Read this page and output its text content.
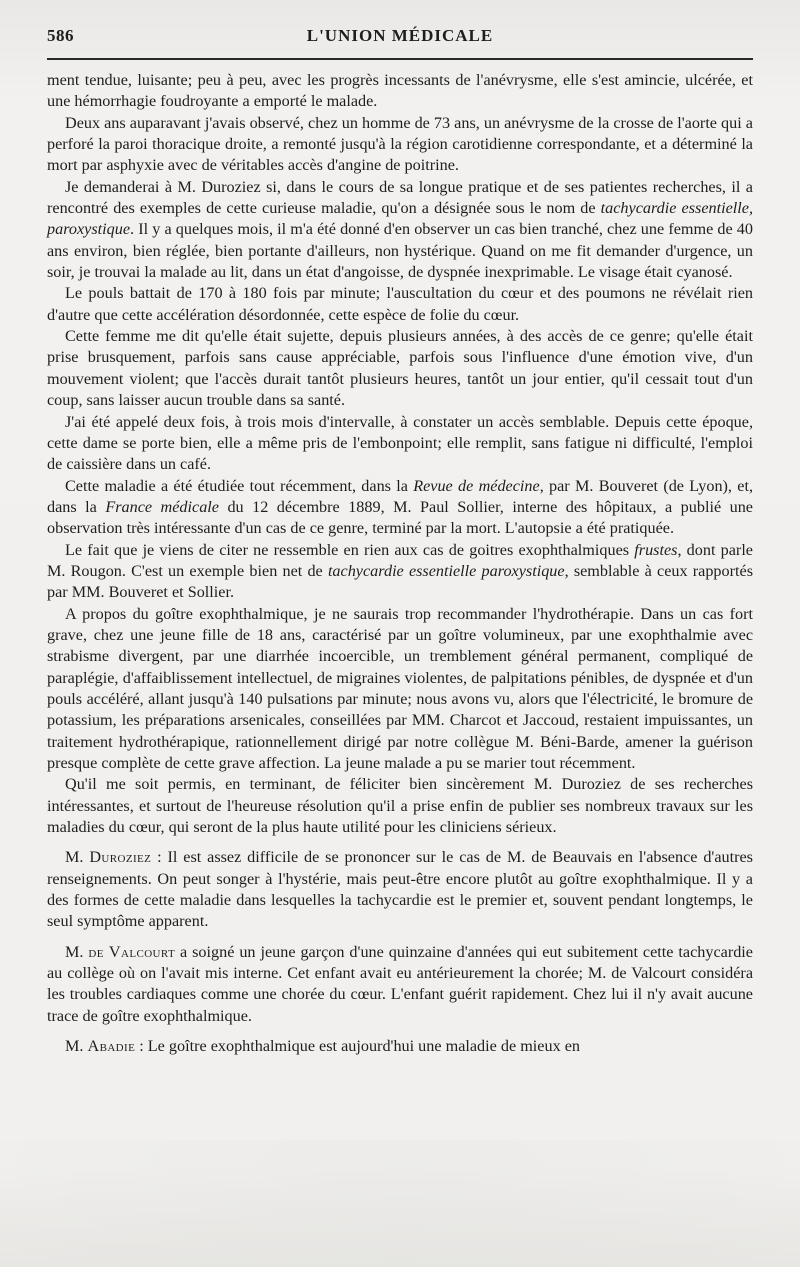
586	L'UNION MÉDICALE

ment tendue, luisante; peu à peu, avec les progrès incessants de l'anévrysme, elle s'est amincie, ulcérée, et une hémorrhagie foudroyante a emporté le malade.

Deux ans auparavant j'avais observé, chez un homme de 73 ans, un anévrysme de la crosse de l'aorte qui a perforé la paroi thoracique droite, a remonté jusqu'à la région carotidienne correspondante, et a déterminé la mort par asphyxie avec de véritables accès d'angine de poitrine.

Je demanderai à M. Duroziez si, dans le cours de sa longue pratique et de ses patientes recherches, il a rencontré des exemples de cette curieuse maladie, qu'on a désignée sous le nom de tachycardie essentielle, paroxystique. Il y a quelques mois, il m'a été donné d'en observer un cas bien tranché, chez une femme de 40 ans environ, bien réglée, bien portante d'ailleurs, non hystérique. Quand on me fit demander d'urgence, un soir, je trouvai la malade au lit, dans un état d'angoisse, de dyspnée inexprimable. Le visage était cyanosé.

Le pouls battait de 170 à 180 fois par minute; l'auscultation du cœur et des poumons ne révélait rien d'autre que cette accélération désordonnée, cette espèce de folie du cœur.

Cette femme me dit qu'elle était sujette, depuis plusieurs années, à des accès de ce genre; qu'elle était prise brusquement, parfois sans cause appréciable, parfois sous l'influence d'une émotion vive, d'un mouvement violent; que l'accès durait tantôt plusieurs heures, tantôt un jour entier, qu'il cessait tout d'un coup, sans laisser aucun trouble dans sa santé.

J'ai été appelé deux fois, à trois mois d'intervalle, à constater un accès semblable. Depuis cette époque, cette dame se porte bien, elle a même pris de l'embonpoint; elle remplit, sans fatigue ni difficulté, l'emploi de caissière dans un café.

Cette maladie a été étudiée tout récemment, dans la Revue de médecine, par M. Bouveret (de Lyon), et, dans la France médicale du 12 décembre 1889, M. Paul Sollier, interne des hôpitaux, a publié une observation très intéressante d'un cas de ce genre, terminé par la mort. L'autopsie a été pratiquée.

Le fait que je viens de citer ne ressemble en rien aux cas de goitres exophthalmiques frustes, dont parle M. Rougon. C'est un exemple bien net de tachycardie essentielle paroxystique, semblable à ceux rapportés par MM. Bouveret et Sollier.

A propos du goître exophthalmique, je ne saurais trop recommander l'hydrothérapie. Dans un cas fort grave, chez une jeune fille de 18 ans, caractérisé par un goître volumineux, par une exophthalmie avec strabisme divergent, par une diarrhée incoercible, un tremblement général permanent, compliqué de paraplégie, d'affaiblissement intellectuel, de migraines violentes, de palpitations pénibles, de dyspnée et d'un pouls accéléré, allant jusqu'à 140 pulsations par minute; nous avons vu, alors que l'électricité, le bromure de potassium, les préparations arsenicales, conseillées par MM. Charcot et Jaccoud, restaient impuissantes, un traitement hydrothérapique, rationnellement dirigé par notre collègue M. Béni-Barde, amener la guérison presque complète de cette grave affection. La jeune malade a pu se marier tout récemment.

Qu'il me soit permis, en terminant, de féliciter bien sincèrement M. Duroziez de ses recherches intéressantes, et surtout de l'heureuse résolution qu'il a prise enfin de publier ses nombreux travaux sur les maladies du cœur, qui seront de la plus haute utilité pour les cliniciens sérieux.

M. Duroziez : Il est assez difficile de se prononcer sur le cas de M. de Beauvais en l'absence d'autres renseignements. On peut songer à l'hystérie, mais peut-être encore plutôt au goître exophthalmique. Il y a des formes de cette maladie dans lesquelles la tachycardie est le premier et, souvent pendant longtemps, le seul symptôme apparent.

M. de Valcourt a soigné un jeune garçon d'une quinzaine d'années qui eut subitement cette tachycardie au collège où on l'avait mis interne. Cet enfant avait eu antérieurement la chorée; M. de Valcourt considéra les troubles cardiaques comme une chorée du cœur. L'enfant guérit rapidement. Chez lui il n'y avait aucune trace de goître exophthalmique.

M. Abadie : Le goître exophthalmique est aujourd'hui une maladie de mieux en
